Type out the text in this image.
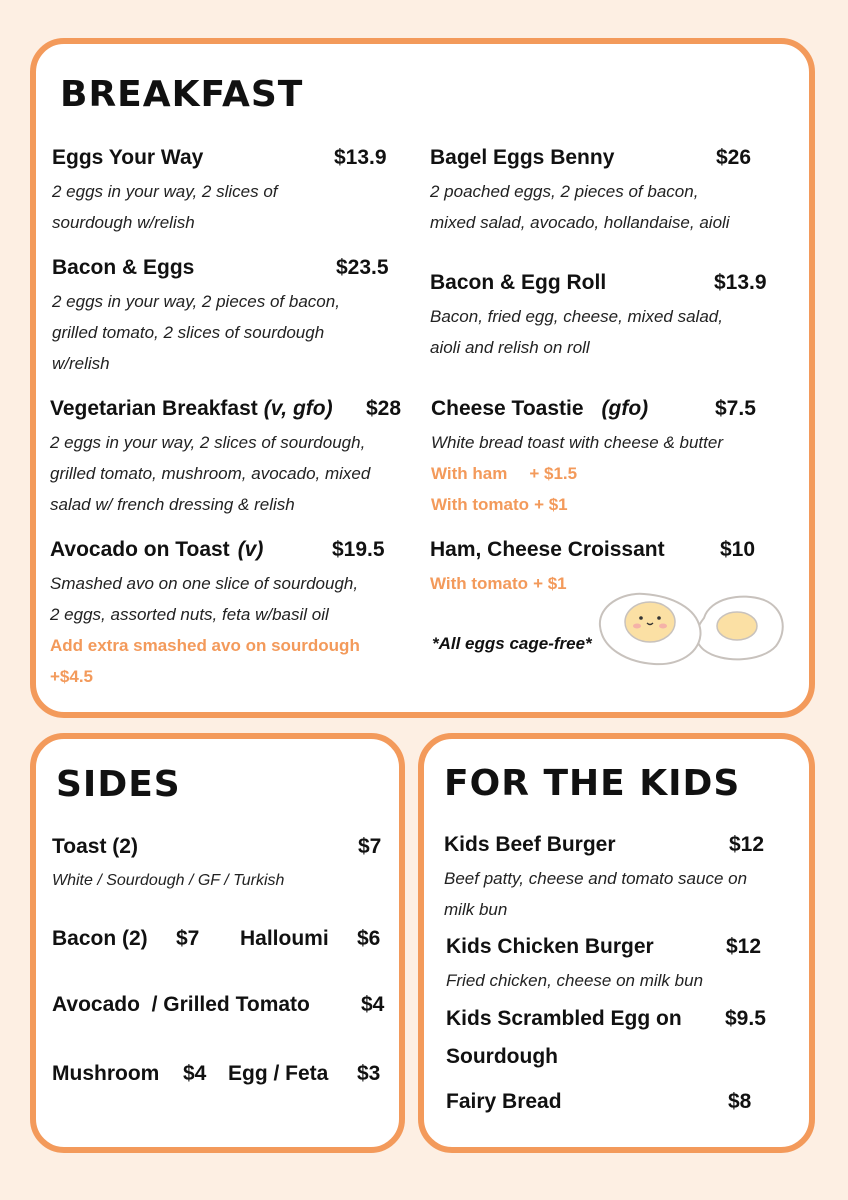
BREAKFAST
Eggs Your Way	$13.9
2 eggs in your way, 2 slices of
sourdough w/relish
Bacon & Eggs	$23.5
2 eggs in your way, 2 pieces of bacon,
grilled tomato, 2 slices of sourdough
w/relish
Vegetarian Breakfast (v, gfo) $28
2 eggs in your way, 2 slices of sourdough,
grilled tomato, mushroom, avocado, mixed
salad w/ french dressing & relish
Avocado on Toast (v)	$19.5
Smashed avo on one slice of sourdough,
2 eggs, assorted nuts, feta w/basil oil
Add extra smashed avo on sourdough
+$4.5
Bagel Eggs Benny	$26
2 poached eggs, 2 pieces of bacon,
mixed salad, avocado, hollandaise, aioli
Bacon & Egg Roll	$13.9
Bacon, fried egg, cheese, mixed salad,
aioli and relish on roll
Cheese Toastie (gfo)	$7.5
White bread toast with cheese & butter
With ham + $1.5
With tomato + $1
Ham, Cheese Croissant	$10
With tomato + $1
*All eggs cage-free*
SIDES
Toast (2)	$7
White / Sourdough / GF / Turkish
Bacon (2) $7 Halloumi $6
Avocado  / Grilled Tomato $4
Mushroom $4 Egg / Feta $3
FOR THE KIDS
Kids Beef Burger	$12
Beef patty, cheese and tomato sauce on
milk bun
Kids Chicken Burger	$12
Fried chicken, cheese on milk bun
Kids Scrambled Egg on $9.5
Sourdough
Fairy Bread	$8
